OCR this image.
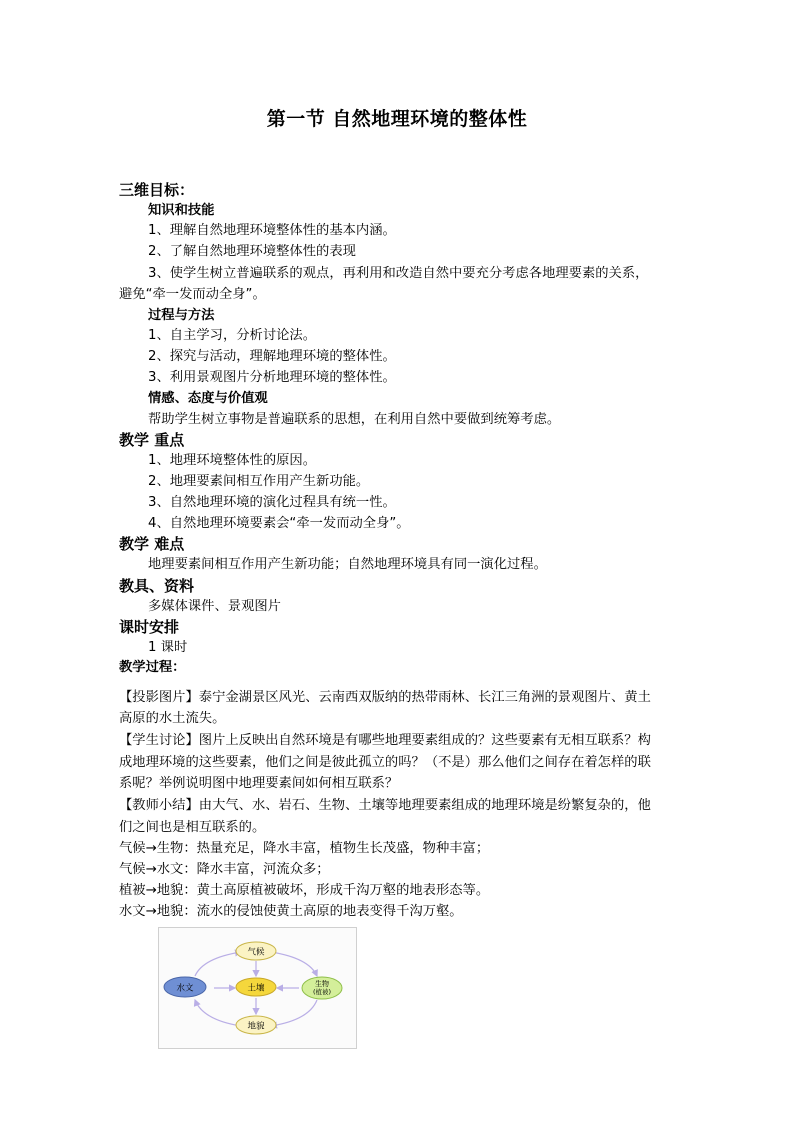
第一节 自然地理环境的整体性
三维目标：
知识和技能
1、理解自然地理环境整体性的基本内涵。
2、了解自然地理环境整体性的表现
3、使学生树立普遍联系的观点，再利用和改造自然中要充分考虑各地理要素的关系，
避免“牵一发而动全身”。
过程与方法
1、自主学习，分析讨论法。
2、探究与活动，理解地理环境的整体性。
3、利用景观图片分析地理环境的整体性。
情感、态度与价值观
帮助学生树立事物是普遍联系的思想，在利用自然中要做到统筹考虑。
教学 重点
1、地理环境整体性的原因。
2、地理要素间相互作用产生新功能。
3、自然地理环境的演化过程具有统一性。
4、自然地理环境要素会“牵一发而动全身”。
教学 难点
地理要素间相互作用产生新功能；自然地理环境具有同一演化过程。
教具、资料
多媒体课件、景观图片
课时安排
1 课时
教学过程：
【投影图片】泰宁金湖景区风光、云南西双版纳的热带雨林、长江三角洲的景观图片、黄土
高原的水土流失。
【学生讨论】图片上反映出自然环境是有哪些地理要素组成的？这些要素有无相互联系？构
成地理环境的这些要素，他们之间是彼此孤立的吗？（不是）那么他们之间存在着怎样的联
系呢？举例说明图中地理要素间如何相互联系？
【教师小结】由大气、水、岩石、生物、土壤等地理要素组成的地理环境是纷繁复杂的，他
们之间也是相互联系的。
气候→生物：热量充足，降水丰富，植物生长茂盛，物种丰富；
气候→水文：降水丰富，河流众多；
植被→地貌：黄土高原植被破坏，形成千沟万壑的地表形态等。
水文→地貌：流水的侵蚀使黄土高原的地表变得千沟万壑。
气候
土壤
水文	生物
(植被)
地貌
